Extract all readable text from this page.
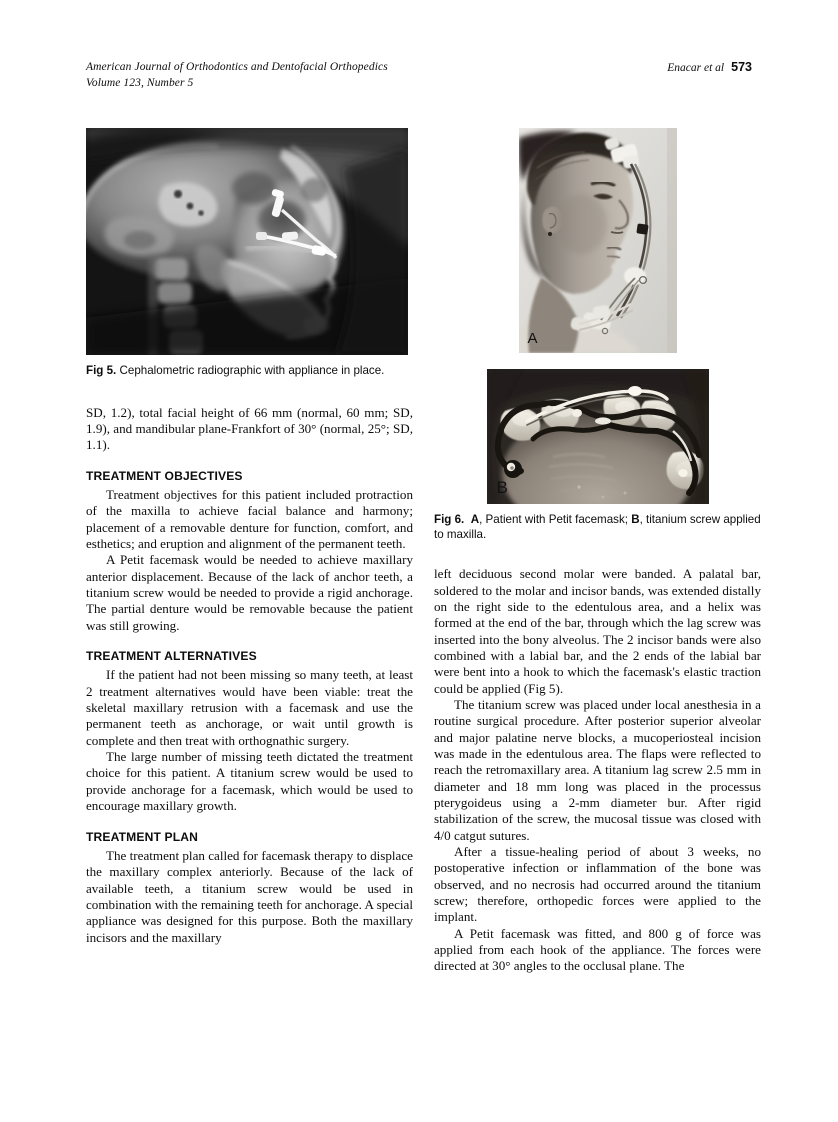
American Journal of Orthodontics and Dentofacial Orthopedics
Volume 123, Number 5
Enacar et al 573
Fig 5. Cephalometric radiographic with appliance in place.

SD, 1.2), total facial height of 66 mm (normal, 60 mm; SD, 1.9), and mandibular plane-Frankfort of 30° (normal, 25°; SD, 1.1).

TREATMENT OBJECTIVES

Treatment objectives for this patient included protraction of the maxilla to achieve facial balance and harmony; placement of a removable denture for function, comfort, and esthetics; and eruption and alignment of the permanent teeth.

A Petit facemask would be needed to achieve maxillary anterior displacement. Because of the lack of anchor teeth, a titanium screw would be needed to provide a rigid anchorage. The partial denture would be removable because the patient was still growing.

TREATMENT ALTERNATIVES

If the patient had not been missing so many teeth, at least 2 treatment alternatives would have been viable: treat the skeletal maxillary retrusion with a facemask and use the permanent teeth as anchorage, or wait until growth is complete and then treat with orthognathic surgery.

The large number of missing teeth dictated the treatment choice for this patient. A titanium screw would be used to provide anchorage for a facemask, which would be used to encourage maxillary growth.

TREATMENT PLAN

The treatment plan called for facemask therapy to displace the maxillary complex anteriorly. Because of the lack of available teeth, a titanium screw would be used in combination with the remaining teeth for anchorage. A special appliance was designed for this purpose. Both the maxillary incisors and the maxillary

A
B
Fig 6. A, Patient with Petit facemask; B, titanium screw applied to maxilla.

left deciduous second molar were banded. A palatal bar, soldered to the molar and incisor bands, was extended distally on the right side to the edentulous area, and a helix was formed at the end of the bar, through which the lag screw was inserted into the bony alveolus. The 2 incisor bands were also combined with a labial bar, and the 2 ends of the labial bar were bent into a hook to which the facemask's elastic traction could be applied (Fig 5).

The titanium screw was placed under local anesthesia in a routine surgical procedure. After posterior superior alveolar and major palatine nerve blocks, a mucoperiosteal incision was made in the edentulous area. The flaps were reflected to reach the retromaxillary area. A titanium lag screw 2.5 mm in diameter and 18 mm long was placed in the processus pterygoideus using a 2-mm diameter bur. After rigid stabilization of the screw, the mucosal tissue was closed with 4/0 catgut sutures.

After a tissue-healing period of about 3 weeks, no postoperative infection or inflammation of the bone was observed, and no necrosis had occurred around the titanium screw; therefore, orthopedic forces were applied to the implant.

A Petit facemask was fitted, and 800 g of force was applied from each hook of the appliance. The forces were directed at 30° angles to the occlusal plane. The
